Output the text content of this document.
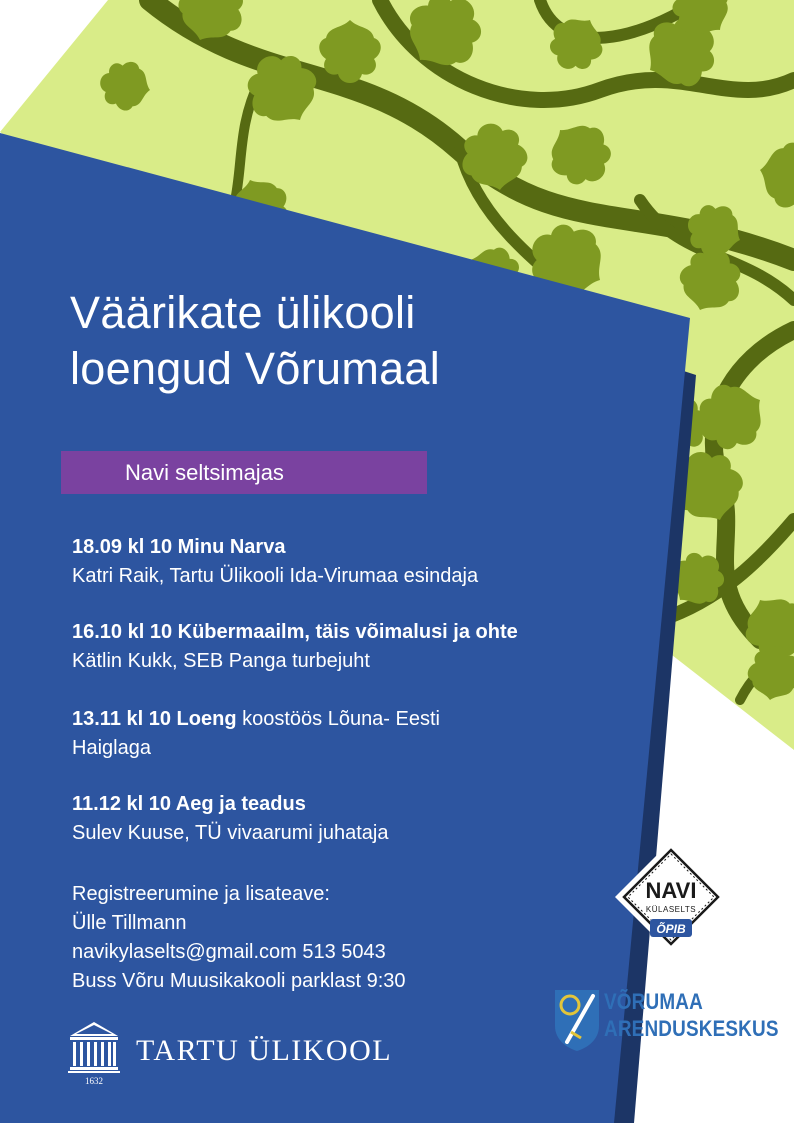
Väärikate ülikooli
loengud Võrumaal
Navi seltsimajas
18.09 kl 10 Minu Narva
Katri Raik, Tartu Ülikooli Ida-Virumaa esindaja
16.10 kl 10 Kübermaailm, täis võimalusi ja ohte
Kätlin Kukk, SEB Panga turbejuht
13.11 kl 10 Loeng koostöös Lõuna- Eesti
Haiglaga
11.12 kl 10 Aeg ja teadus
Sulev Kuuse, TÜ vivaarumi juhataja
Registreerumine ja lisateave:
Ülle Tillmann
navikylaselts@gmail.com 513 5043
Buss Võru Muusikakooli parklast 9:30
1632
TARTU ÜLIKOOL
NAVI
KÜLASELTS
ÕPIB
VÕRUMAA
ARENDUSKESKUS
